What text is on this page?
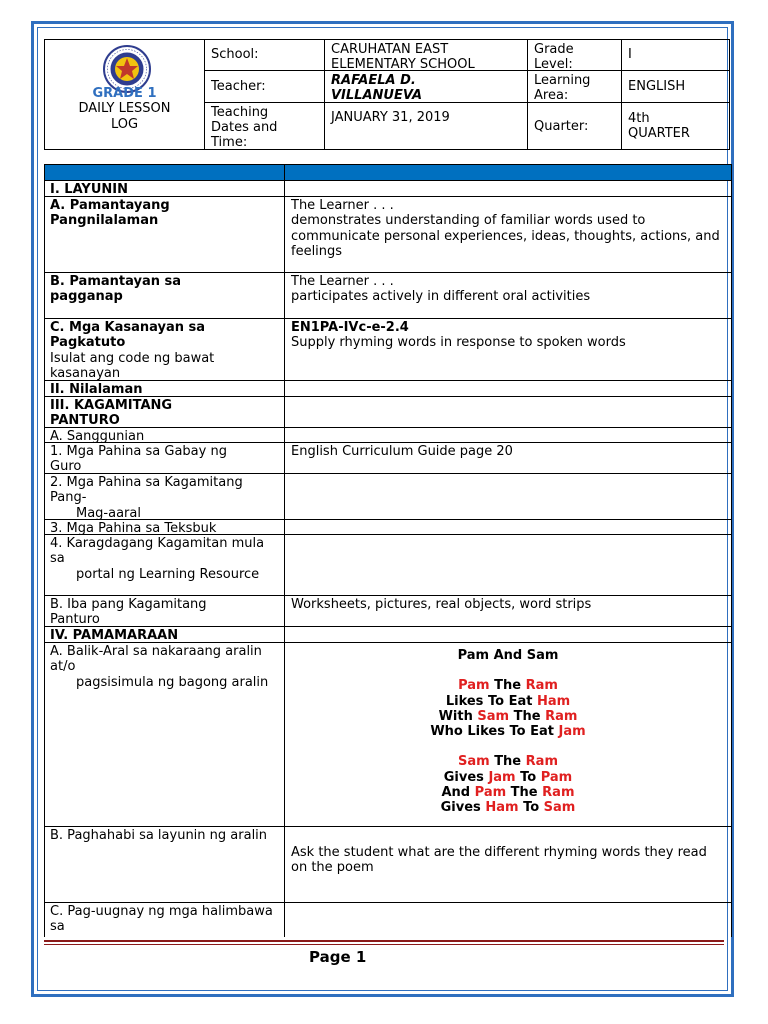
GRADE 1
DAILY LESSON
LOG
School:	CARUHATAN EAST
ELEMENTARY SCHOOL
Grade
Level:
I
Teacher:	RAFAELA D.
VILLANUEVA
Learning
Area:
ENGLISH
Teaching
Dates and
Time:
JANUARY 31, 2019
Quarter:
4th
QUARTER
I. LAYUNIN
A. Pamantayang
Pangnilalaman
The Learner . . .
demonstrates understanding of familiar words used to communicate personal experiences, ideas, thoughts, actions, and feelings
B. Pamantayan sa
pagganap
The Learner . . .
participates actively in different oral activities
C. Mga Kasanayan sa
Pagkatuto
Isulat ang code ng bawat kasanayan
EN1PA-IVc-e-2.4
Supply rhyming words in response to spoken words
II. Nilalaman
III. KAGAMITANG
PANTURO
A. Sanggunian
1. Mga Pahina sa Gabay ng
Guro
English Curriculum Guide page 20
2. Mga Pahina sa Kagamitang Pang-
Mag-aaral
3. Mga Pahina sa Teksbuk
4. Karagdagang Kagamitan mula sa
portal ng Learning Resource
B. Iba pang Kagamitang
Panturo
Worksheets, pictures, real objects, word strips
IV. PAMAMARAAN
A. Balik-Aral sa nakaraang aralin at/o
pagsisimula ng bagong aralin
Pam And Sam
Pam The Ram
Likes To Eat Ham
With Sam The Ram
Who Likes To Eat Jam
Sam The Ram
Gives Jam To Pam
And Pam The Ram
Gives Ham To Sam
B. Paghahabi sa layunin ng aralin
Ask the student what are the different rhyming words they read on the poem
C. Pag-uugnay ng mga halimbawa sa
Page 1
